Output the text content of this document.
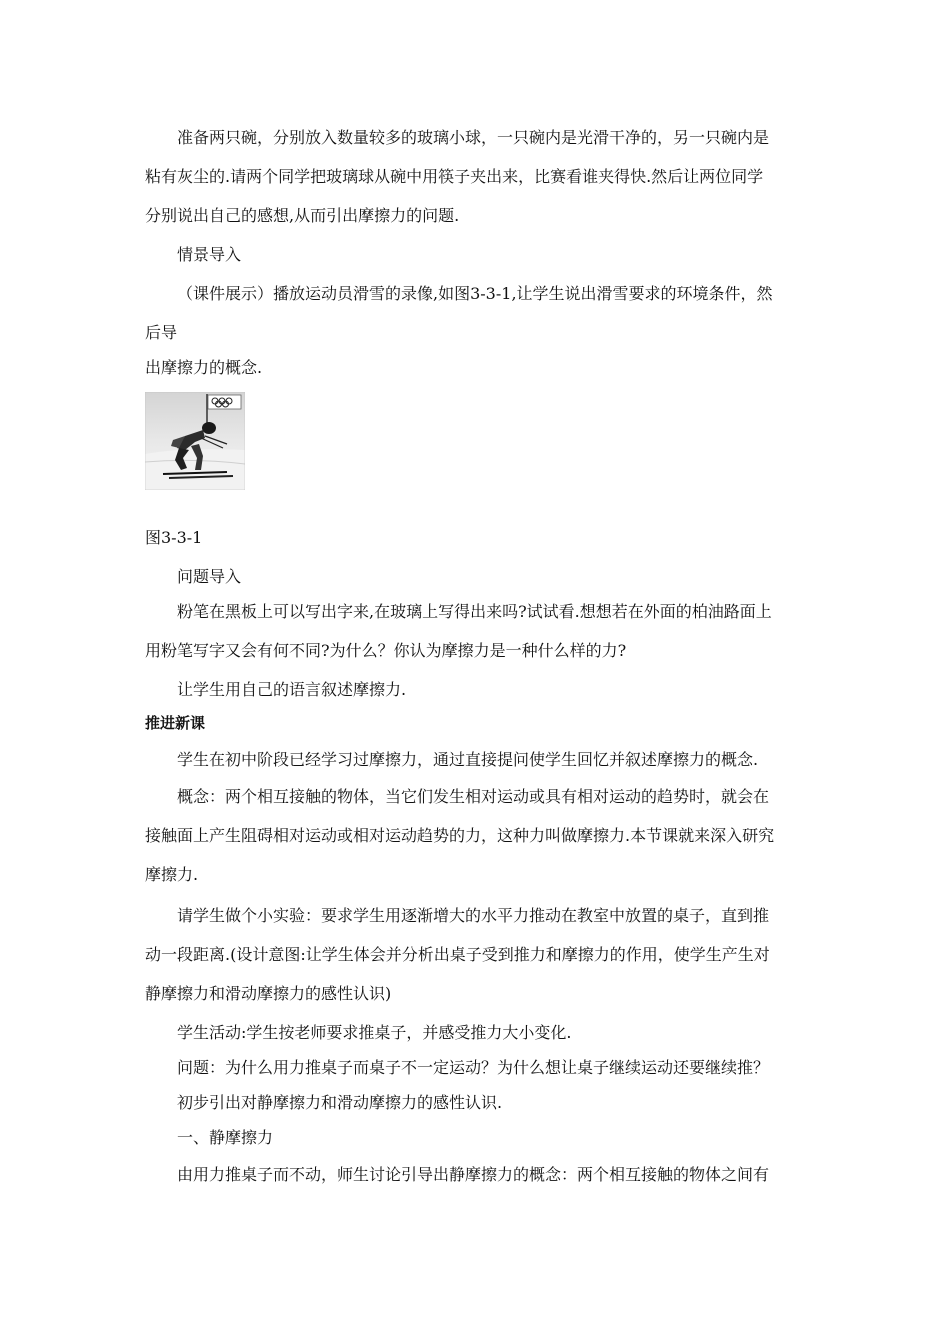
准备两只碗，分别放入数量较多的玻璃小球，一只碗内是光滑干净的，另一只碗内是

粘有灰尘的.请两个同学把玻璃球从碗中用筷子夹出来，比赛看谁夹得快.然后让两位同学

分别说出自己的感想,从而引出摩擦力的问题.

情景导入

（课件展示）播放运动员滑雪的录像,如图3-3-1,让学生说出滑雪要求的环境条件，然

后导

出摩擦力的概念.

图3-3-1

问题导入

粉笔在黑板上可以写出字来,在玻璃上写得出来吗?试试看.想想若在外面的柏油路面上

用粉笔写字又会有何不同?为什么？你认为摩擦力是一种什么样的力?

让学生用自己的语言叙述摩擦力.

推进新课

学生在初中阶段已经学习过摩擦力，通过直接提问使学生回忆并叙述摩擦力的概念.

概念：两个相互接触的物体，当它们发生相对运动或具有相对运动的趋势时，就会在

接触面上产生阻碍相对运动或相对运动趋势的力，这种力叫做摩擦力.本节课就来深入研究

摩擦力.

请学生做个小实验：要求学生用逐渐增大的水平力推动在教室中放置的桌子，直到推

动一段距离.(设计意图:让学生体会并分析出桌子受到推力和摩擦力的作用，使学生产生对

静摩擦力和滑动摩擦力的感性认识)

学生活动:学生按老师要求推桌子，并感受推力大小变化.

问题：为什么用力推桌子而桌子不一定运动？为什么想让桌子继续运动还要继续推？

初步引出对静摩擦力和滑动摩擦力的感性认识.

一、静摩擦力

由用力推桌子而不动，师生讨论引导出静摩擦力的概念：两个相互接触的物体之间有
